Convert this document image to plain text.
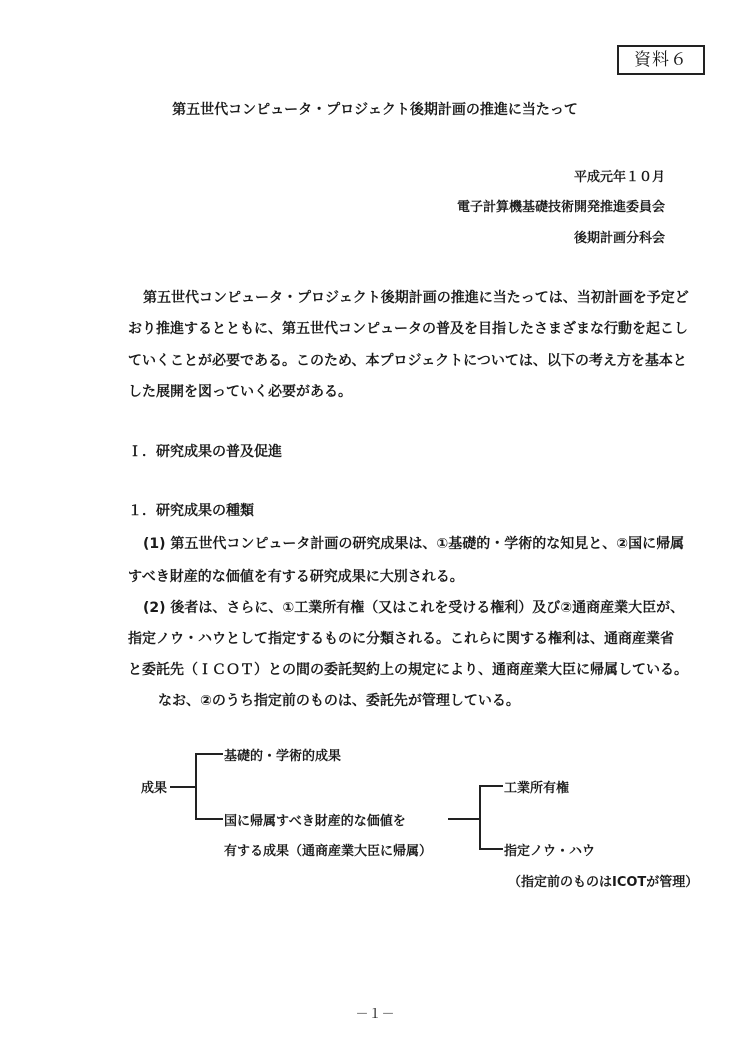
資料６
第五世代コンピュータ・プロジェクト後期計画の推進に当たって
平成元年１０月
電子計算機基礎技術開発推進委員会
後期計画分科会
第五世代コンピュータ・プロジェクト後期計画の推進に当たっては、当初計画を予定ど
おり推進するとともに、第五世代コンピュータの普及を目指したさまざまな行動を起こし
ていくことが必要である。このため、本プロジェクトについては、以下の考え方を基本と
した展開を図っていく必要がある。
Ｉ．研究成果の普及促進
１．研究成果の種類
(1) 第五世代コンピュータ計画の研究成果は、①基礎的・学術的な知見と、②国に帰属
すべき財産的な価値を有する研究成果に大別される。
(2) 後者は、さらに、①工業所有権（又はこれを受ける権利）及び②通商産業大臣が、
指定ノウ・ハウとして指定するものに分類される。これらに関する権利は、通商産業省
と委託先（ＩＣＯＴ）との間の委託契約上の規定により、通商産業大臣に帰属している。
なお、②のうち指定前のものは、委託先が管理している。
成果
基礎的・学術的成果
国に帰属すべき財産的な価値を
有する成果（通商産業大臣に帰属）
工業所有権
指定ノウ・ハウ
（指定前のものはICOTが管理）
－１－
